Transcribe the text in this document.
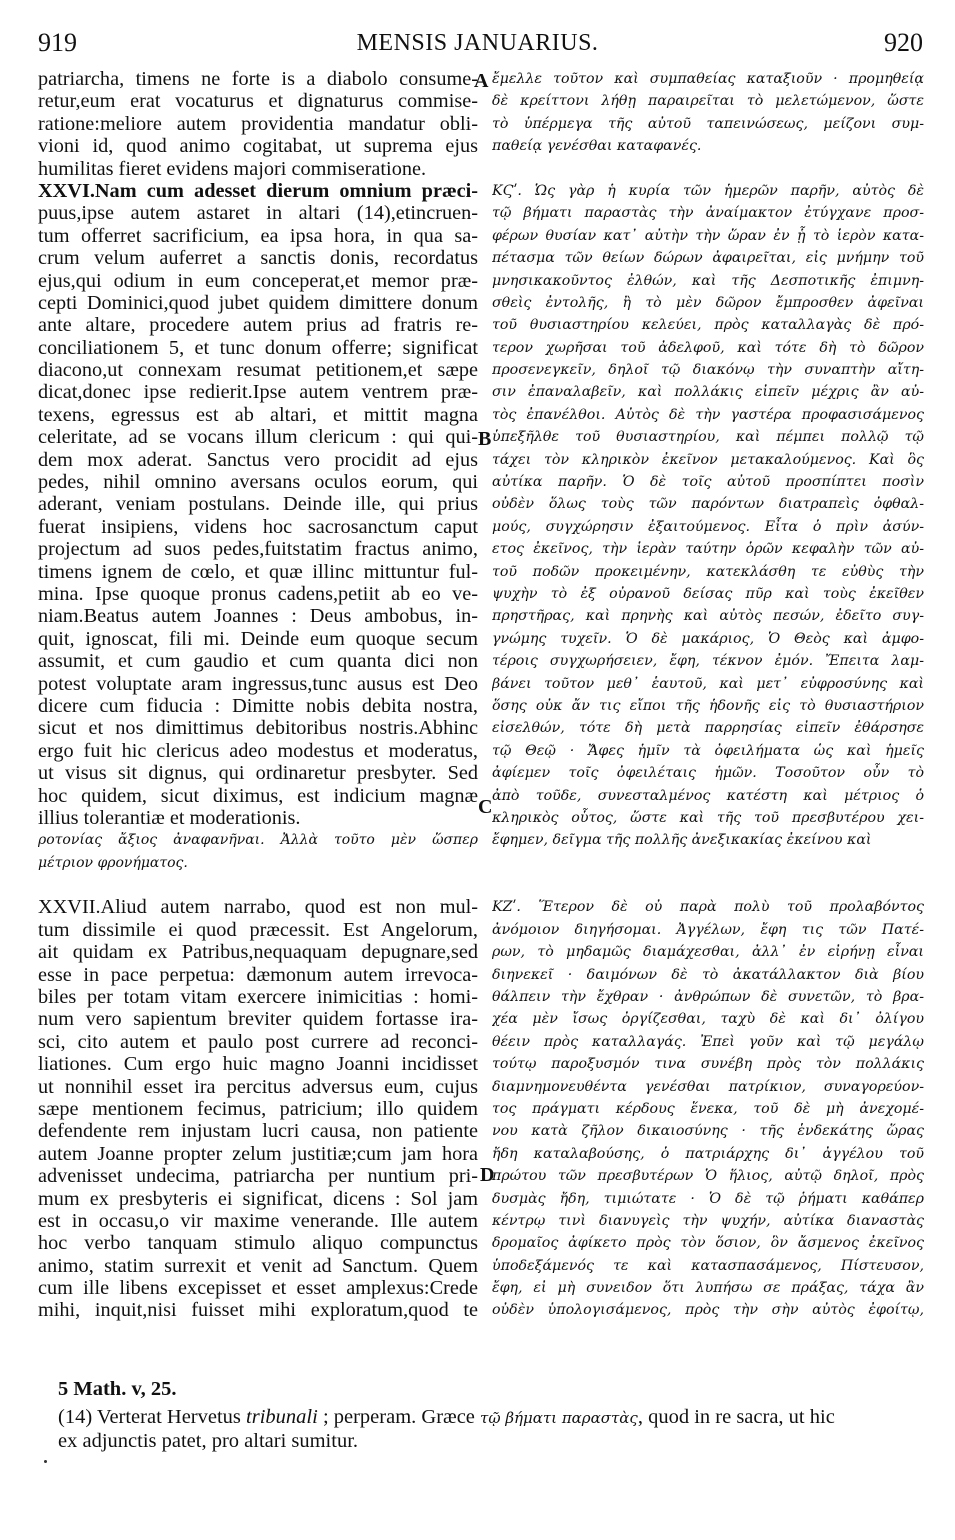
919	MENSIS JANUARIUS.	920
patriarcha, timens ne forte is a diabolo consume-
retur,eum erat vocaturus et dignaturus commise-
ratione:meliore autem providentia mandatur obli-
vioni id, quod animo cogitabat, ut suprema ejus
humilitas fieret evidens majori commiseratione.
XXVI.Nam cum adesset dierum omnium præci-
puus,ipse autem astaret in altari (14),etincruen-
tum offerret sacrificium, ea ipsa hora, in qua sa-
crum velum auferret a sanctis donis, recordatus
ejus,qui odium in eum conceperat,et memor præ-
cepti Dominici,quod jubet quidem dimittere donum
ante altare, procedere autem prius ad fratris re-
conciliationem 5, et tunc donum offerre; significat
diacono,ut connexam resumat petitionem,et sæpe
dicat,donec ipse redierit.Ipse autem ventrem præ-
texens, egressus est ab altari, et mittit magna
celeritate, ad se vocans illum clericum : qui qui-
dem mox aderat. Sanctus vero procidit ad ejus
pedes, nihil omnino aversans oculos eorum, qui
aderant, veniam postulans. Deinde ille, qui prius
fuerat insipiens, videns hoc sacrosanctum caput
projectum ad suos pedes,fuitstatim fractus animo,
timens ignem de cœlo, et quæ illinc mittuntur ful-
mina. Ipse quoque pronus cadens,petiit ab eo ve-
niam.Beatus autem Joannes : Deus ambobus, in-
quit, ignoscat, fili mi. Deinde eum quoque secum
assumit, et cum gaudio et cum quanta dici non
potest voluptate aram ingressus,tunc ausus est Deo
dicere cum fiducia : Dimitte nobis debita nostra,
sicut et nos dimittimus debitoribus nostris.Abhinc
ergo fuit hic clericus adeo modestus et moderatus,
ut visus sit dignus, qui ordinaretur presbyter. Sed
hoc quidem, sicut diximus, est indicium magnæ
illius tolerantiæ et moderationis.
ροτονίας ἄξιος ἀναφανῆναι. Ἀλλὰ τοῦτο μὲν ὥσπερ
μέτριον φρονήματος.
XXVII.Aliud autem narrabo, quod est non mul-
tum dissimile ei quod præcessit. Est Angelorum,
ait quidam ex Patribus,nequaquam depugnare,sed
esse in pace perpetua: dæmonum autem irrevoca-
biles per totam vitam exercere inimicitias : homi-
num vero sapientum breviter quidem fortasse ira-
sci, cito autem et paulo post currere ad reconci-
liationes. Cum ergo huic magno Joanni incidisset
ut nonnihil esset ira percitus adversus eum, cujus
sæpe mentionem fecimus, patricium; illo quidem
defendente rem injustam lucri causa, non patiente
autem Joanne propter zelum justitiæ;cum jam hora
advenisset undecima, patriarcha per nuntium pri-
mum ex presbyteris ei significat, dicens : Sol jam
est in occasu,o vir maxime venerande. Ille autem
hoc verbo tanquam stimulo aliquo compunctus
animo, statim surrexit et venit ad Sanctum. Quem
cum ille libens excepisset et esset amplexus:Crede
mihi, inquit,nisi fuisset mihi exploratum,quod te
ἔμελλε τοῦτον καὶ συμπαθείας καταξιοῦν · προμηθείᾳ
δὲ κρείττονι λήθῃ παραιρεῖται τὸ μελετώμενον, ὥστε
τὸ ὑπέρμεγα τῆς αὐτοῦ ταπεινώσεως, μείζονι συμ-
παθείᾳ γενέσθαι καταφανές.
ΚϚʹ. Ὡς γὰρ ἡ κυρία τῶν ἡμερῶν παρῆν, αὐτὸς δὲ
τῷ βήματι παραστὰς τὴν ἀναίμακτον ἐτύγχανε προσ-
φέρων θυσίαν κατ᾽ αὐτὴν τὴν ὥραν ἐν ᾗ τὸ ἱερὸν κατα-
πέτασμα τῶν θείων δώρων ἀφαιρεῖται, εἰς μνήμην τοῦ
μνησικακοῦντος ἐλθών, καὶ τῆς Δεσποτικῆς ἐπιμνη-
σθεὶς ἐντολῆς, ἢ τὸ μὲν δῶρον ἔμπροσθεν ἀφεῖναι
τοῦ θυσιαστηρίου κελεύει, πρὸς καταλλαγὰς δὲ πρό-
τερον χωρῆσαι τοῦ ἀδελφοῦ, καὶ τότε δὴ τὸ δῶρον
προσενεγκεῖν, δηλοῖ τῷ διακόνῳ τὴν συναπτὴν αἴτη-
σιν ἐπαναλαβεῖν, καὶ πολλάκις εἰπεῖν μέχρις ἂν αὐ-
τὸς ἐπανέλθοι. Αὐτὸς δὲ τὴν γαστέρα προφασισάμενος
ὑπεξῆλθε τοῦ θυσιαστηρίου, καὶ πέμπει πολλῷ τῷ
τάχει τὸν κληρικὸν ἐκεῖνον μετακαλούμενος. Καὶ ὃς
αὐτίκα παρῆν. Ὁ δὲ τοῖς αὐτοῦ προσπίπτει ποσὶν
οὐδὲν ὅλως τοὺς τῶν παρόντων διατραπεὶς ὀφθαλ-
μούς, συγχώρησιν ἐξαιτούμενος. Εἶτα ὁ πρὶν ἀσύν-
ετος ἐκεῖνος, τὴν ἱερὰν ταύτην ὁρῶν κεφαλὴν τῶν αὐ-
τοῦ ποδῶν προκειμένην, κατεκλάσθη τε εὐθὺς τὴν
ψυχὴν τὸ ἐξ οὐρανοῦ δείσας πῦρ καὶ τοὺς ἐκεῖθεν
πρηστῆρας, καὶ πρηνὴς καὶ αὐτὸς πεσών, ἐδεῖτο συγ-
γνώμης τυχεῖν. Ὁ δὲ μακάριος, Ὁ Θεὸς καὶ ἀμφο-
τέροις συγχωρήσειεν, ἔφη, τέκνον ἐμόν. Ἔπειτα λαμ-
βάνει τοῦτον μεθ᾽ ἑαυτοῦ, καὶ μετ᾽ εὐφροσύνης καὶ
ὅσης οὐκ ἄν τις εἴποι τῆς ἡδονῆς εἰς τὸ θυσιαστήριον
εἰσελθών, τότε δὴ μετὰ παρρησίας εἰπεῖν ἐθάρσησε
τῷ Θεῷ · Ἄφες ἡμῖν τὰ ὀφειλήματα ὡς καὶ ἡμεῖς
ἀφίεμεν τοῖς ὀφειλέταις ἡμῶν. Τοσοῦτον οὖν τὸ
ἀπὸ τοῦδε, συνεσταλμένος κατέστη καὶ μέτριος ὁ
κληρικὸς οὗτος, ὥστε καὶ τῆς τοῦ πρεσβυτέρου χει-
ἔφημεν, δεῖγμα τῆς πολλῆς ἀνεξικακίας ἐκείνου καὶ
ΚΖʹ. Ἕτερον δὲ οὐ παρὰ πολὺ τοῦ προλαβόντος
ἀνόμοιον διηγήσομαι. Ἀγγέλων, ἔφη τις τῶν Πατέ-
ρων, τὸ μηδαμῶς διαμάχεσθαι, ἀλλ᾽ ἐν εἰρήνῃ εἶναι
διηνεκεῖ · δαιμόνων δὲ τὸ ἀκατάλλακτον διὰ βίου
θάλπειν τὴν ἔχθραν · ἀνθρώπων δὲ συνετῶν, τὸ βρα-
χέα μὲν ἴσως ὀργίζεσθαι, ταχὺ δὲ καὶ δι᾽ ὀλίγου
θέειν πρὸς καταλλαγάς. Ἐπεὶ γοῦν καὶ τῷ μεγάλῳ
τούτῳ παροξυσμόν τινα συνέβη πρὸς τὸν πολλάκις
διαμνημονευθέντα γενέσθαι πατρίκιον, συναγορεύον-
τος πράγματι κέρδους ἕνεκα, τοῦ δὲ μὴ ἀνεχομέ-
νου κατὰ ζῆλον δικαιοσύνης · τῆς ἑνδεκάτης ὥρας
ἤδη καταλαβούσης, ὁ πατριάρχης δι᾽ ἀγγέλου τοῦ
πρώτου τῶν πρεσβυτέρων Ὁ ἥλιος, αὐτῷ δηλοῖ, πρὸς
δυσμὰς ἤδη, τιμιώτατε · Ὁ δὲ τῷ ῥήματι καθάπερ
κέντρῳ τινὶ διανυγεὶς τὴν ψυχήν, αὐτίκα διαναστὰς
δρομαῖος ἀφίκετο πρὸς τὸν ὅσιον, ὃν ἄσμενος ἐκεῖνος
ὑποδεξάμενός τε καὶ κατασπασάμενος, Πίστευσον,
ἔφη, εἰ μὴ συνειδον ὅτι λυπήσω σε πράξας, τάχα ἂν
οὐδὲν ὑπολογισάμενος, πρὸς τὴν σὴν αὐτὸς ἐφοίτῳ,
A
B
C
D
5 Math. v, 25.
(14) Verterat Hervetus tribunali ; perperam. Græce τῷ βήματι παραστὰς, quod in re sacra, ut hic
ex adjunctis patet, pro altari sumitur.
